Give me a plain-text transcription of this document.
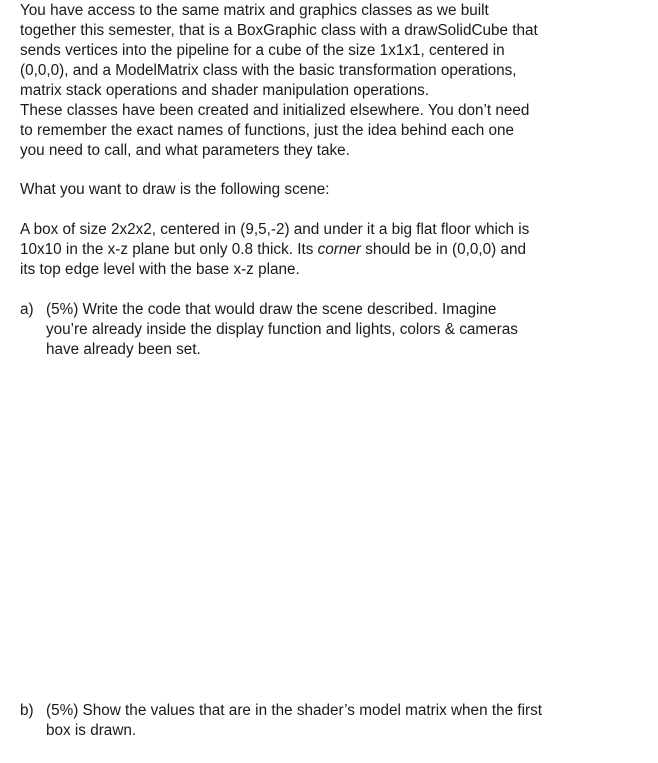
You have access to the same matrix and graphics classes as we built

together this semester, that is a BoxGraphic class with a drawSolidCube that

sends vertices into the pipeline for a cube of the size 1x1x1, centered in

(0,0,0), and a ModelMatrix class with the basic transformation operations,

matrix stack operations and shader manipulation operations.

These classes have been created and initialized elsewhere. You don’t need

to remember the exact names of functions, just the idea behind each one

you need to call, and what parameters they take.

What you want to draw is the following scene:

A box of size 2x2x2, centered in (9,5,-2) and under it a big flat floor which is

10x10 in the x-z plane but only 0.8 thick. Its corner should be in (0,0,0) and

its top edge level with the base x-z plane.

a) (5%) Write the code that would draw the scene described. Imagine

you’re already inside the display function and lights, colors & cameras

have already been set.

b) (5%) Show the values that are in the shader’s model matrix when the first

box is drawn.
